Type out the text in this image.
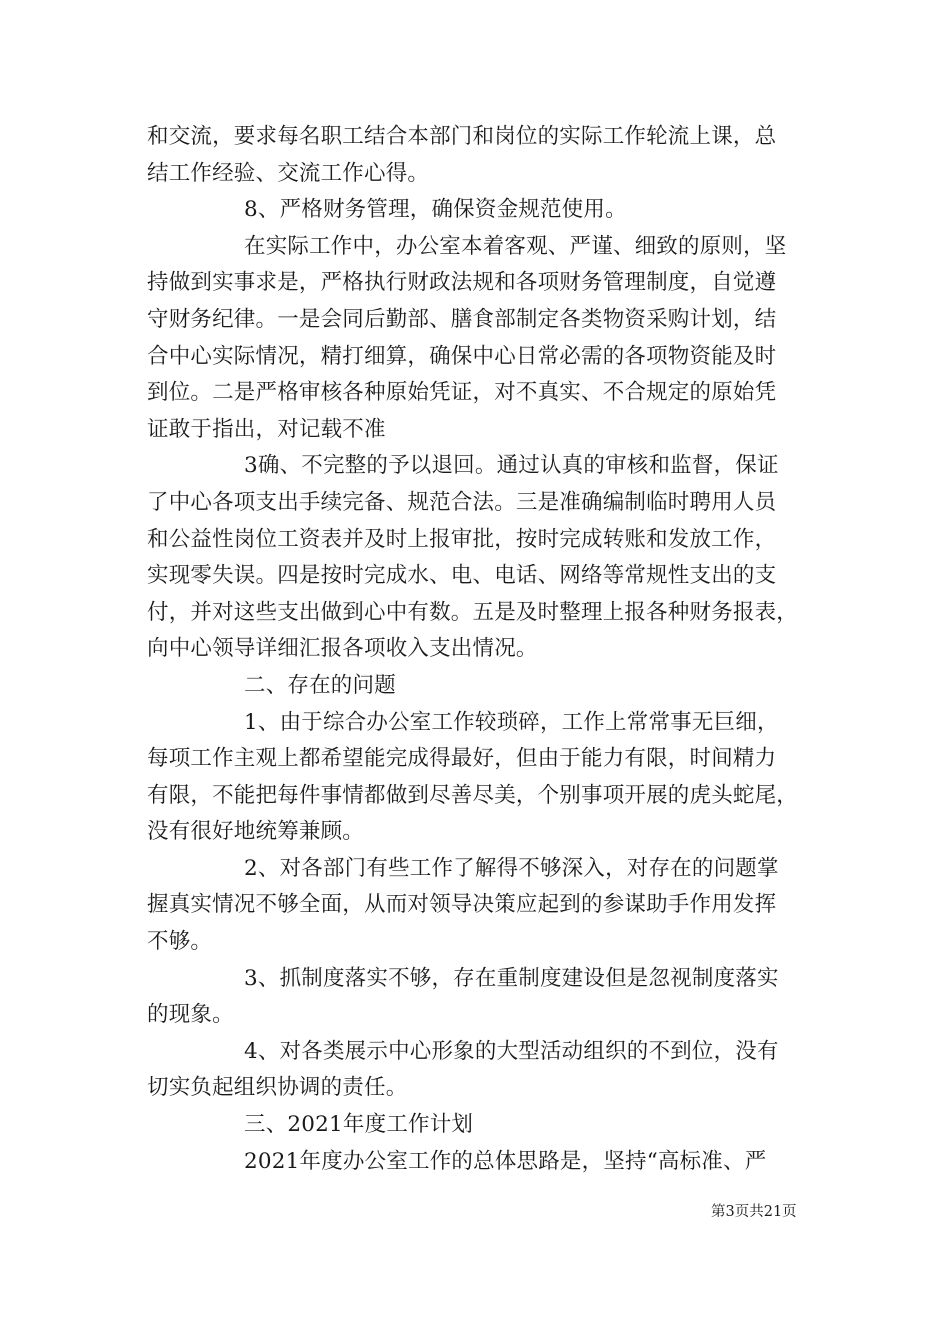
和交流，要求每名职工结合本部门和岗位的实际工作轮流上课，总
结工作经验、交流工作心得。
8、严格财务管理，确保资金规范使用。
在实际工作中，办公室本着客观、严谨、细致的原则，坚
持做到实事求是，严格执行财政法规和各项财务管理制度，自觉遵
守财务纪律。一是会同后勤部、膳食部制定各类物资采购计划，结
合中心实际情况，精打细算，确保中心日常必需的各项物资能及时
到位。二是严格审核各种原始凭证，对不真实、不合规定的原始凭
证敢于指出，对记载不准
3确、不完整的予以退回。通过认真的审核和监督，保证
了中心各项支出手续完备、规范合法。三是准确编制临时聘用人员
和公益性岗位工资表并及时上报审批，按时完成转账和发放工作，
实现零失误。四是按时完成水、电、电话、网络等常规性支出的支
付，并对这些支出做到心中有数。五是及时整理上报各种财务报表，
向中心领导详细汇报各项收入支出情况。
二、存在的问题
1、由于综合办公室工作较琐碎，工作上常常事无巨细，
每项工作主观上都希望能完成得最好，但由于能力有限，时间精力
有限，不能把每件事情都做到尽善尽美，个别事项开展的虎头蛇尾，
没有很好地统筹兼顾。
2、对各部门有些工作了解得不够深入，对存在的问题掌
握真实情况不够全面，从而对领导决策应起到的参谋助手作用发挥
不够。
3、抓制度落实不够，存在重制度建设但是忽视制度落实
的现象。
4、对各类展示中心形象的大型活动组织的不到位，没有
切实负起组织协调的责任。
三、2021年度工作计划
2021年度办公室工作的总体思路是，坚持“高标准、严
第3页共21页
